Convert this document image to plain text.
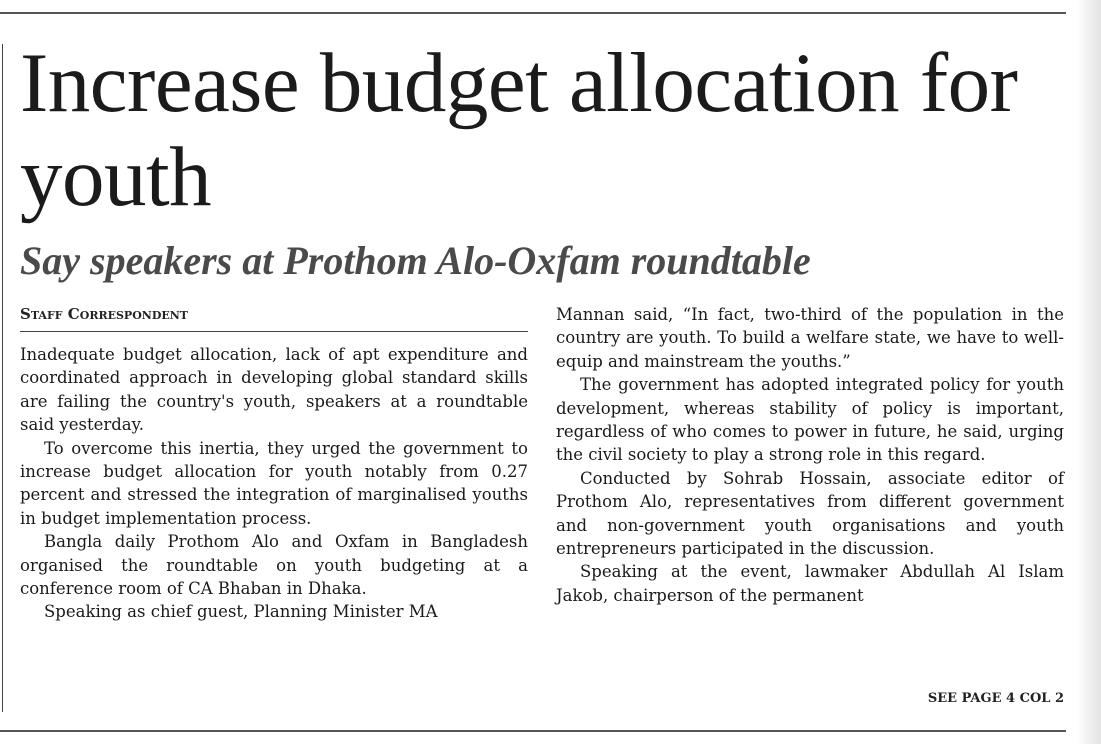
Increase budget allocation for youth
Say speakers at Prothom Alo-Oxfam roundtable
Staff Correspondent

Inadequate budget allocation, lack of apt expenditure and coordinated approach in developing global standard skills are failing the country's youth, speakers at a roundtable said yesterday.

To overcome this inertia, they urged the government to increase budget allocation for youth notably from 0.27 percent and stressed the integration of marginalised youths in budget implementation process.

Bangla daily Prothom Alo and Oxfam in Bangladesh organised the roundtable on youth budgeting at a conference room of CA Bhaban in Dhaka.

Speaking as chief guest, Planning Minister MA

Mannan said, “In fact, two-third of the population in the country are youth. To build a welfare state, we have to well-equip and mainstream the youths.”

The government has adopted integrated policy for youth development, whereas stability of policy is important, regardless of who comes to power in future, he said, urging the civil society to play a strong role in this regard.

Conducted by Sohrab Hossain, associate editor of Prothom Alo, representatives from different government and non-government youth organisations and youth entrepreneurs participated in the discussion.

Speaking at the event, lawmaker Abdullah Al Islam Jakob, chairperson of the permanent

SEE PAGE 4 COL 2
